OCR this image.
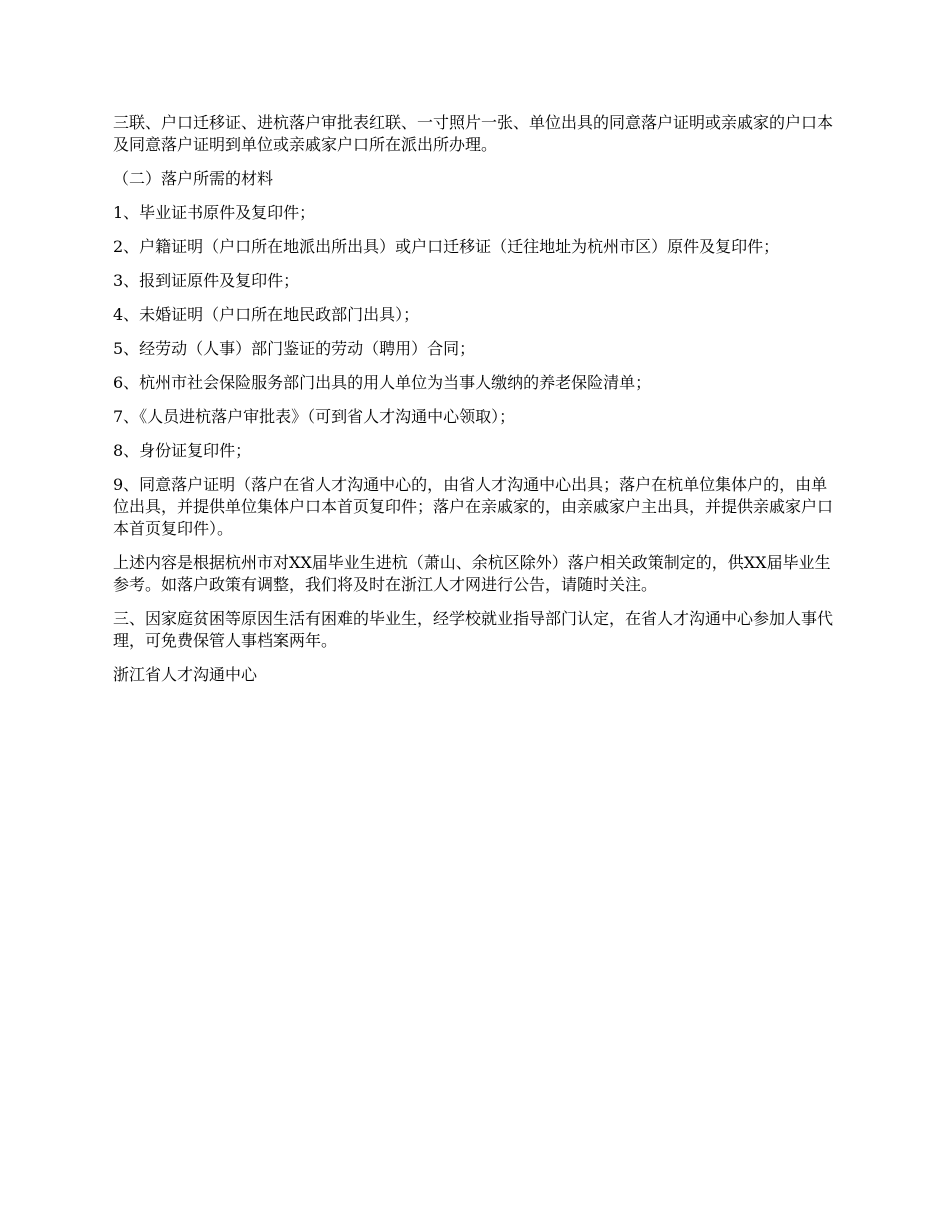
三联、户口迁移证、进杭落户审批表红联、一寸照片一张、单位出具的同意落户证明或亲戚家的户口本及同意落户证明到单位或亲戚家户口所在派出所办理。

（二）落户所需的材料

1、毕业证书原件及复印件；

2、户籍证明（户口所在地派出所出具）或户口迁移证（迁往地址为杭州市区）原件及复印件；

3、报到证原件及复印件；

4、未婚证明（户口所在地民政部门出具）；

5、经劳动（人事）部门鉴证的劳动（聘用）合同；

6、杭州市社会保险服务部门出具的用人单位为当事人缴纳的养老保险清单；

7、《人员进杭落户审批表》（可到省人才沟通中心领取）；

8、身份证复印件；

9、同意落户证明（落户在省人才沟通中心的，由省人才沟通中心出具；落户在杭单位集体户的，由单位出具，并提供单位集体户口本首页复印件；落户在亲戚家的，由亲戚家户主出具，并提供亲戚家户口本首页复印件）。

上述内容是根据杭州市对XX届毕业生进杭（萧山、余杭区除外）落户相关政策制定的，供XX届毕业生参考。如落户政策有调整，我们将及时在浙江人才网进行公告，请随时关注。

三、因家庭贫困等原因生活有困难的毕业生，经学校就业指导部门认定，在省人才沟通中心参加人事代理，可免费保管人事档案两年。

浙江省人才沟通中心
